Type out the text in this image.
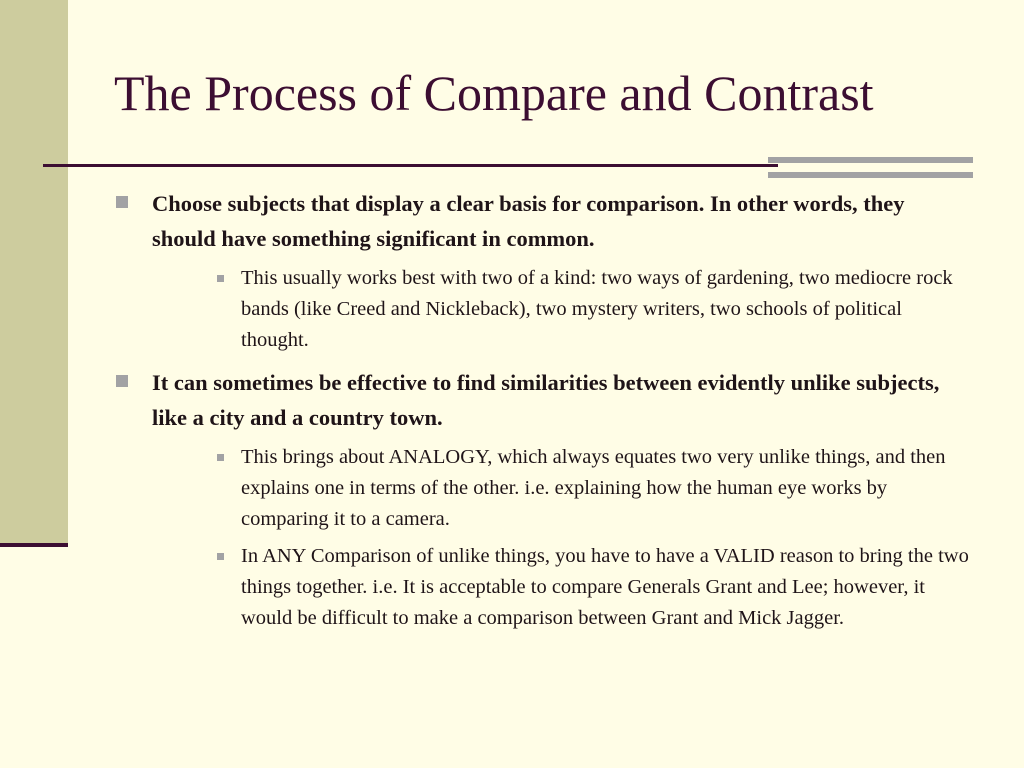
The Process of Compare and Contrast
Choose subjects that display a clear basis for comparison. In other words, they should have something significant in common.
This usually works best with two of a kind: two ways of gardening, two mediocre rock bands (like Creed and Nickleback), two mystery writers, two schools of political thought.
It can sometimes be effective to find similarities between evidently unlike subjects, like a city and a country town.
This brings about ANALOGY, which always equates two very unlike things, and then explains one in terms of the other. i.e. explaining how the human eye works by comparing it to a camera.
In ANY Comparison of unlike things, you have to have a VALID reason to bring the two things together. i.e. It is acceptable to compare Generals Grant and Lee; however, it would be difficult to make a comparison between Grant and Mick Jagger.
